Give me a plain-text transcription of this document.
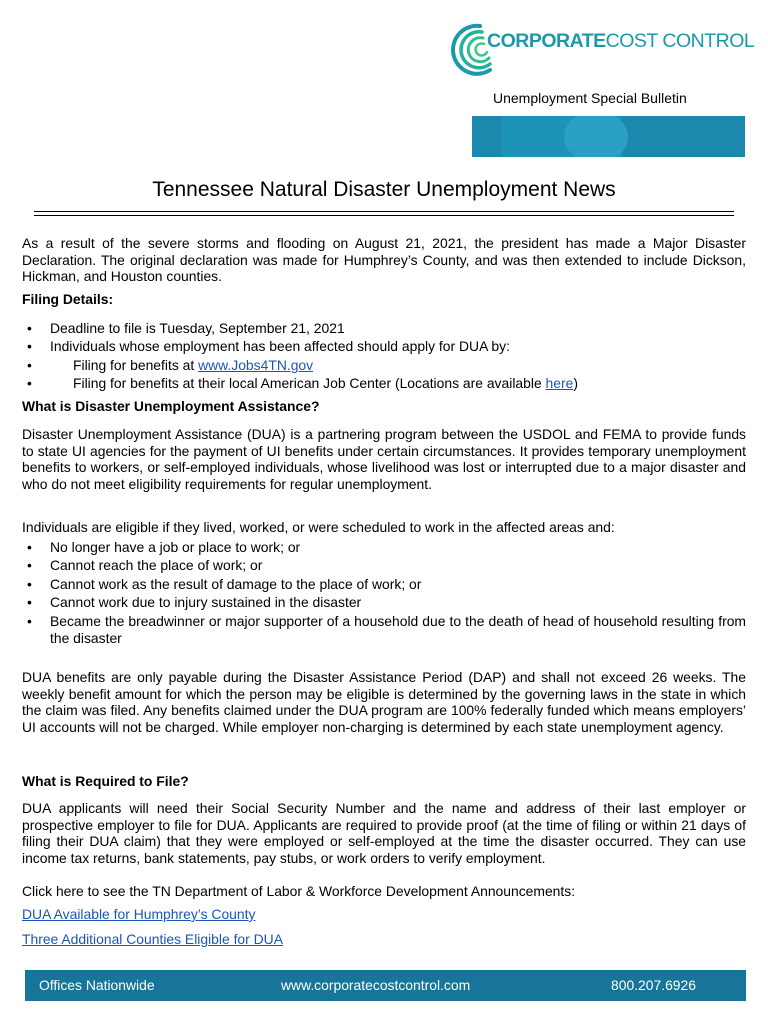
CORPORATECOST CONTROL
Unemployment Special Bulletin
Tennessee Natural Disaster Unemployment News
As a result of the severe storms and flooding on August 21, 2021, the president has made a Major Disaster Declaration. The original declaration was made for Humphrey’s County, and was then extended to include Dickson, Hickman, and Houston counties.
Filing Details:
• Deadline to file is Tuesday, September 21, 2021
• Individuals whose employment has been affected should apply for DUA by:
•	Filing for benefits at www.Jobs4TN.gov
•	Filing for benefits at their local American Job Center (Locations are available here)
What is Disaster Unemployment Assistance?
Disaster Unemployment Assistance (DUA) is a partnering program between the USDOL and FEMA to provide funds to state UI agencies for the payment of UI benefits under certain circumstances. It provides temporary unemployment benefits to workers, or self-employed individuals, whose livelihood was lost or interrupted due to a major disaster and who do not meet eligibility requirements for regular unemployment.
Individuals are eligible if they lived, worked, or were scheduled to work in the affected areas and:
• No longer have a job or place to work; or
• Cannot reach the place of work; or
• Cannot work as the result of damage to the place of work; or
• Cannot work due to injury sustained in the disaster
• Became the breadwinner or major supporter of a household due to the death of head of household resulting from the disaster
DUA benefits are only payable during the Disaster Assistance Period (DAP) and shall not exceed 26 weeks. The weekly benefit amount for which the person may be eligible is determined by the governing laws in the state in which the claim was filed. Any benefits claimed under the DUA program are 100% federally funded which means employers’ UI accounts will not be charged. While employer non-charging is determined by each state unemployment agency.
What is Required to File?
DUA applicants will need their Social Security Number and the name and address of their last employer or prospective employer to file for DUA. Applicants are required to provide proof (at the time of filing or within 21 days of filing their DUA claim) that they were employed or self-employed at the time the disaster occurred. They can use income tax returns, bank statements, pay stubs, or work orders to verify employment.
Click here to see the TN Department of Labor & Workforce Development Announcements:
DUA Available for Humphrey’s County
Three Additional Counties Eligible for DUA
Offices Nationwide	www.corporatecostcontrol.com	800.207.6926
